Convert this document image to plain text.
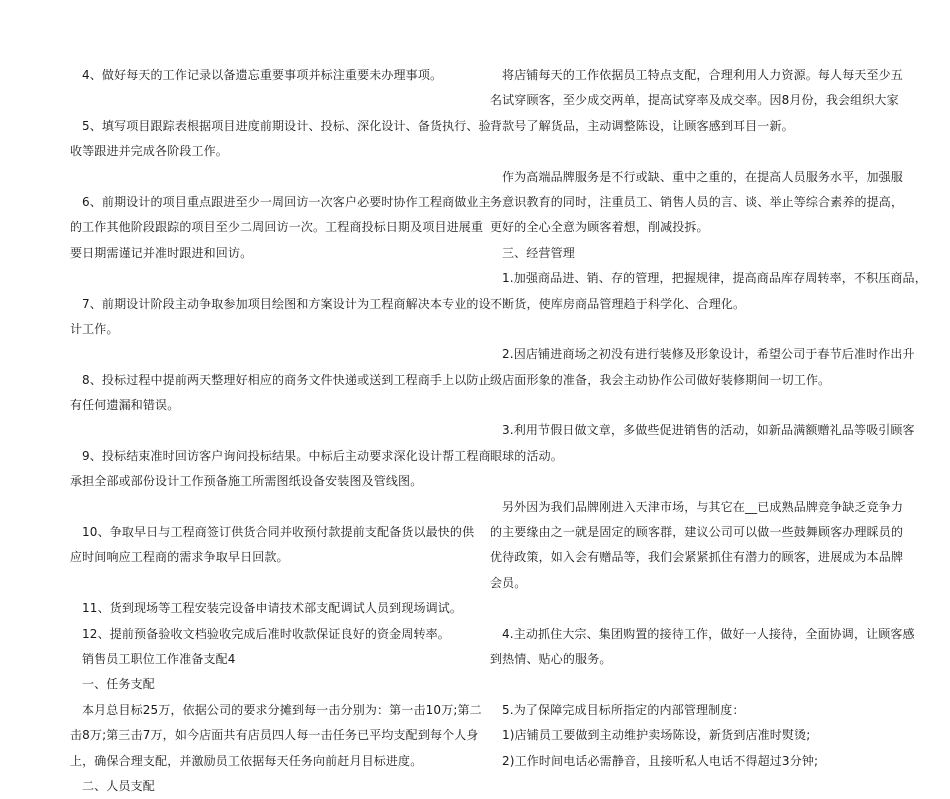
4、做好每天的工作记录以备遗忘重要事项并标注重要未办理事项。
5、填写项目跟踪表根据项目进度前期设计、投标、深化设计、备货执行、验
收等跟进并完成各阶段工作。
6、前期设计的项目重点跟进至少一周回访一次客户必要时协作工程商做业主
的工作其他阶段跟踪的项目至少二周回访一次。工程商投标日期及项目进展重
要日期需谨记并准时跟进和回访。
7、前期设计阶段主动争取参加项目绘图和方案设计为工程商解决本专业的设
计工作。
8、投标过程中提前两天整理好相应的商务文件快递或送到工程商手上以防止
有任何遗漏和错误。
9、投标结束准时回访客户询问投标结果。中标后主动要求深化设计帮工程商
承担全部或部份设计工作预备施工所需图纸设备安装图及管线图。
10、争取早日与工程商签订供货合同并收预付款提前支配备货以最快的供
应时间响应工程商的需求争取早日回款。
11、货到现场等工程安装完设备申请技术部支配调试人员到现场调试。
12、提前预备验收文档验收完成后准时收款保证良好的资金周转率。
销售员工职位工作准备支配4
一、任务支配
本月总目标25万，依据公司的要求分摊到每一击分别为：第一击10万;第二
击8万;第三击7万，如今店面共有店员四人每一击任务已平均支配到每个人身
上，确保合理支配，并激励员工依据每天任务向前赶月目标进度。
二、人员支配
将店铺每天的工作依据员工特点支配，合理利用人力资源。每人每天至少五
名试穿顾客，至少成交两单，提高试穿率及成交率。因8月份，我会组织大家
背款号了解货品，主动调整陈设，让顾客感到耳目一新。
作为高端品牌服务是不行或缺、重中之重的，在提高人员服务水平，加强服
务意识教育的同时，注重员工、销售人员的言、谈、举止等综合素养的提高，
更好的全心全意为顾客着想，削减投拆。
三、经营管理
1.加强商品进、销、存的管理，把握规律，提高商品库存周转率，不积压商品，
不断货，使库房商品管理趋于科学化、合理化。
2.因店铺进商场之初没有进行装修及形象设计，希望公司于春节后准时作出升
级店面形象的准备，我会主动协作公司做好装修期间一切工作。
3.利用节假日做文章，多做些促进销售的活动，如新品满额赠礼品等吸引顾客
眼球的活动。
另外因为我们品牌刚进入天津市场，与其它在__已成熟品牌竞争缺乏竞争力
的主要缘由之一就是固定的顾客群，建议公司可以做一些鼓舞顾客办理睬员的
优待政策，如入会有赠品等，我们会紧紧抓住有潜力的顾客，进展成为本品牌
会员。
4.主动抓住大宗、集团购置的接待工作，做好一人接待，全面协调，让顾客感
到热情、贴心的服务。
5.为了保障完成目标所指定的内部管理制度：
1)店铺员工要做到主动维护卖场陈设，新货到店准时熨烫;
2)工作时间电话必需静音，且接听私人电话不得超过3分钟;
